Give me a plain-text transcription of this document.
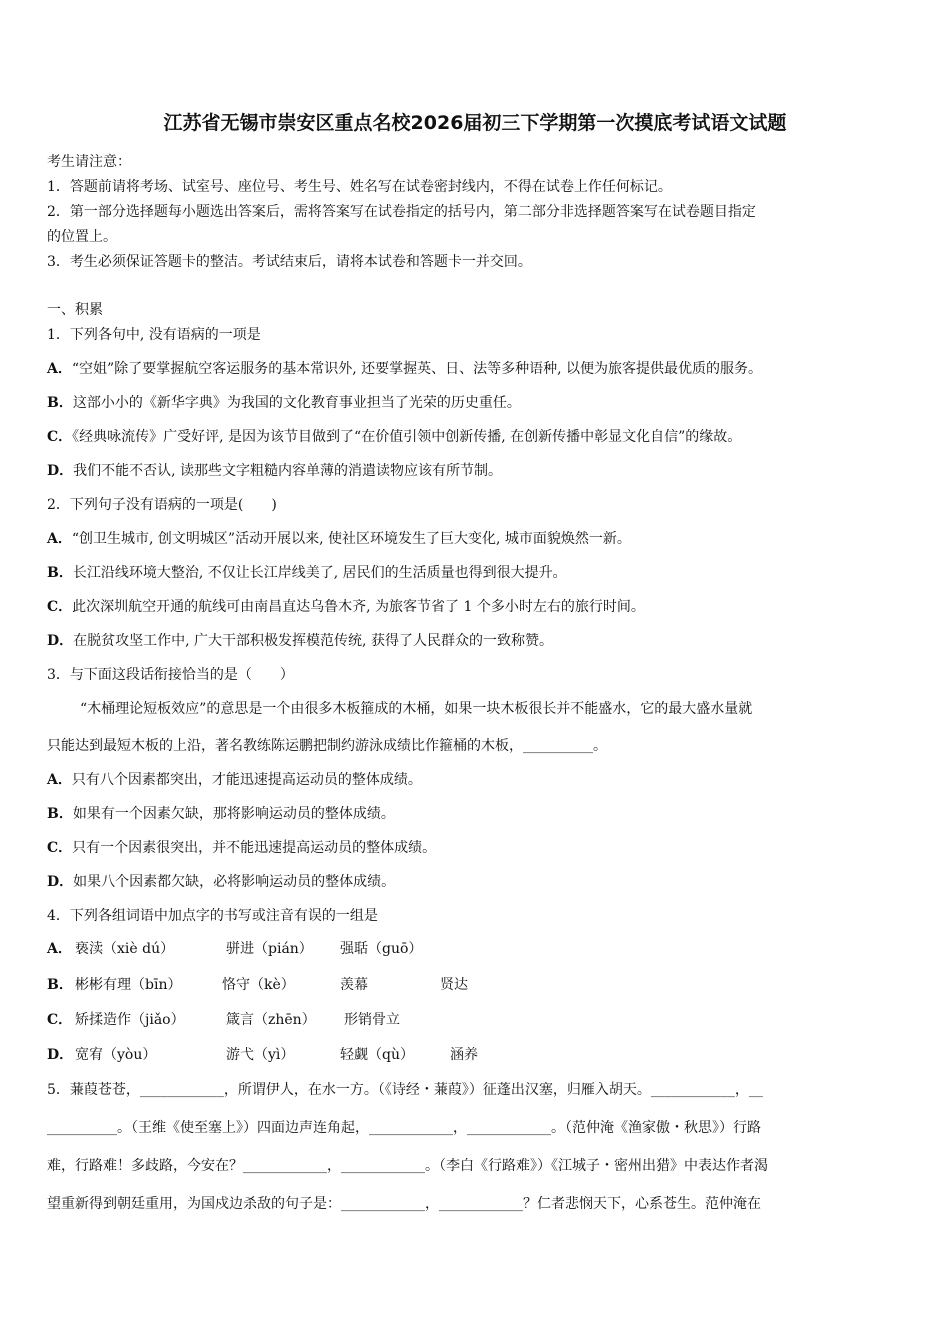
江苏省无锡市崇安区重点名校2026届初三下学期第一次摸底考试语文试题
考生请注意：
1．答题前请将考场、试室号、座位号、考生号、姓名写在试卷密封线内，不得在试卷上作任何标记。
2．第一部分选择题每小题选出答案后，需将答案写在试卷指定的括号内，第二部分非选择题答案写在试卷题目指定
的位置上。
3．考生必须保证答题卡的整洁。考试结束后，请将本试卷和答题卡一并交回。
一、积累
1．下列各句中, 没有语病的一项是
A．“空姐”除了要掌握航空客运服务的基本常识外, 还要掌握英、日、法等多种语种, 以便为旅客提供最优质的服务。
B．这部小小的《新华字典》为我国的文化教育事业担当了光荣的历史重任。
C．《经典咏流传》广受好评, 是因为该节目做到了“在价值引领中创新传播, 在创新传播中彰显文化自信”的缘故。
D．我们不能不否认, 读那些文字粗糙内容单薄的消遣读物应该有所节制。
2．下列句子没有语病的一项是(　　)
A．“创卫生城市, 创文明城区”活动开展以来, 使社区环境发生了巨大变化, 城市面貌焕然一新。
B．长江沿线环境大整治, 不仅让长江岸线美了, 居民们的生活质量也得到很大提升。
C．此次深圳航空开通的航线可由南昌直达乌鲁木齐, 为旅客节省了 1 个多小时左右的旅行时间。
D．在脱贫攻坚工作中, 广大干部积极发挥模范传统, 获得了人民群众的一致称赞。
3．与下面这段话衔接恰当的是（　　）
“木桶理论短板效应”的意思是一个由很多木板箍成的木桶，如果一块木板很长并不能盛水，它的最大盛水量就
只能达到最短木板的上沿，著名教练陈运鹏把制约游泳成绩比作箍桶的木板，__________。
A．只有八个因素都突出，才能迅速提高运动员的整体成绩。
B．如果有一个因素欠缺，那将影响运动员的整体成绩。
C．只有一个因素很突出，并不能迅速提高运动员的整体成绩。
D．如果八个因素都欠缺，必将影响运动员的整体成绩。
4．下列各组词语中加点字的书写或注音有误的一组是
A． 亵渎（xiè dú）	骈进（pián） 强聒（guō）
B． 彬彬有理（bīn）	恪守（kè）	羡幕	贤达
C． 矫揉造作（jiǎo）	箴言（zhēn） 形销骨立
D． 宽宥（yòu）	游弋（yì）	轻觑（qù）	涵养
5．蒹葭苍苍，____________，所谓伊人，在水一方。（《诗经・蒹葭》）征蓬出汉塞，归雁入胡天。____________，__
__________。（王维《使至塞上》）四面边声连角起，____________，____________。（范仲淹《渔家傲・秋思》）行路
难，行路难！多歧路，今安在？____________，____________。（李白《行路难》）《江城子・密州出猎》中表达作者渴
望重新得到朝廷重用，为国戍边杀敌的句子是：____________，____________？仁者悲悯天下，心系苍生。范仲淹在
